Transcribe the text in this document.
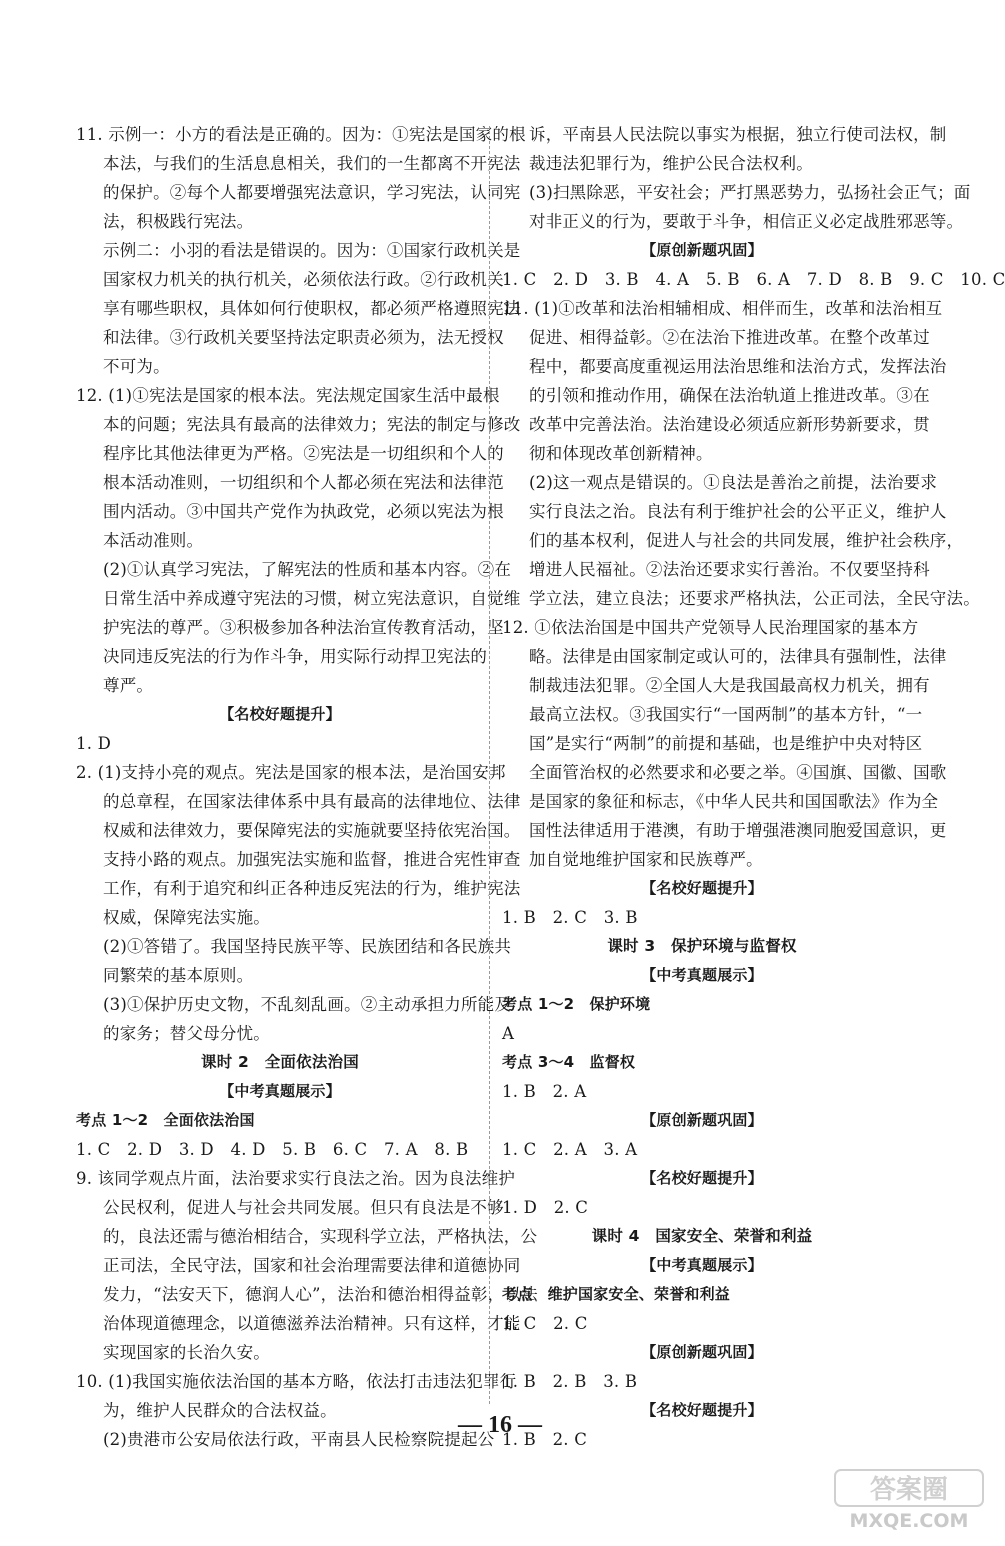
11. 示例一：小方的看法是正确的。因为：①宪法是国家的根
本法，与我们的生活息息相关，我们的一生都离不开宪法
的保护。②每个人都要增强宪法意识，学习宪法，认同宪
法，积极践行宪法。
示例二：小羽的看法是错误的。因为：①国家行政机关是
国家权力机关的执行机关，必须依法行政。②行政机关
享有哪些职权，具体如何行使职权，都必须严格遵照宪法
和法律。③行政机关要坚持法定职责必须为，法无授权
不可为。
12. (1)①宪法是国家的根本法。宪法规定国家生活中最根
本的问题；宪法具有最高的法律效力；宪法的制定与修改
程序比其他法律更为严格。②宪法是一切组织和个人的
根本活动准则，一切组织和个人都必须在宪法和法律范
围内活动。③中国共产党作为执政党，必须以宪法为根
本活动准则。
(2)①认真学习宪法，了解宪法的性质和基本内容。②在
日常生活中养成遵守宪法的习惯，树立宪法意识，自觉维
护宪法的尊严。③积极参加各种法治宣传教育活动，坚
决同违反宪法的行为作斗争，用实际行动捍卫宪法的
尊严。
【名校好题提升】
1. D
2. (1)支持小亮的观点。宪法是国家的根本法，是治国安邦
的总章程，在国家法律体系中具有最高的法律地位、法律
权威和法律效力，要保障宪法的实施就要坚持依宪治国。
支持小路的观点。加强宪法实施和监督，推进合宪性审查
工作，有利于追究和纠正各种违反宪法的行为，维护宪法
权威，保障宪法实施。
(2)①答错了。我国坚持民族平等、民族团结和各民族共
同繁荣的基本原则。
(3)①保护历史文物，不乱刻乱画。②主动承担力所能及
的家务；替父母分忧。
课时 2　全面依法治国
【中考真题展示】
考点 1～2　全面依法治国
1. C　2. D　3. D　4. D　5. B　6. C　7. A　8. B
9. 该同学观点片面，法治要求实行良法之治。因为良法维护
公民权利，促进人与社会共同发展。但只有良法是不够
的，良法还需与德治相结合，实现科学立法，严格执法，公
正司法，全民守法，国家和社会治理需要法律和道德协同
发力，“法安天下，德润人心”，法治和德治相得益彰，以法
治体现道德理念，以道德滋养法治精神。只有这样，才能
实现国家的长治久安。
10. (1)我国实施依法治国的基本方略，依法打击违法犯罪行
为，维护人民群众的合法权益。
(2)贵港市公安局依法行政，平南县人民检察院提起公
诉，平南县人民法院以事实为根据，独立行使司法权，制
裁违法犯罪行为，维护公民合法权利。
(3)扫黑除恶，平安社会；严打黑恶势力，弘扬社会正气；面
对非正义的行为，要敢于斗争，相信正义必定战胜邪恶等。
【原创新题巩固】
1. C　2. D　3. B　4. A　5. B　6. A　7. D　8. B　9. C　10. C
11. (1)①改革和法治相辅相成、相伴而生，改革和法治相互
促进、相得益彰。②在法治下推进改革。在整个改革过
程中，都要高度重视运用法治思维和法治方式，发挥法治
的引领和推动作用，确保在法治轨道上推进改革。③在
改革中完善法治。法治建设必须适应新形势新要求，贯
彻和体现改革创新精神。
(2)这一观点是错误的。①良法是善治之前提，法治要求
实行良法之治。良法有利于维护社会的公平正义，维护人
们的基本权利，促进人与社会的共同发展，维护社会秩序，
增进人民福祉。②法治还要求实行善治。不仅要坚持科
学立法，建立良法；还要求严格执法，公正司法，全民守法。
12. ①依法治国是中国共产党领导人民治理国家的基本方
略。法律是由国家制定或认可的，法律具有强制性，法律
制裁违法犯罪。②全国人大是我国最高权力机关，拥有
最高立法权。③我国实行“一国两制”的基本方针，“一
国”是实行“两制”的前提和基础，也是维护中央对特区
全面管治权的必然要求和必要之举。④国旗、国徽、国歌
是国家的象征和标志，《中华人民共和国国歌法》作为全
国性法律适用于港澳，有助于增强港澳同胞爱国意识，更
加自觉地维护国家和民族尊严。
【名校好题提升】
1. B　2. C　3. B
课时 3　保护环境与监督权
【中考真题展示】
考点 1～2　保护环境
A
考点 3～4　监督权
1. B　2. A
【原创新题巩固】
1. C　2. A　3. A
【名校好题提升】
1. D　2. C
课时 4　国家安全、荣誉和利益
【中考真题展示】
考点　维护国家安全、荣誉和利益
1. C　2. C
【原创新题巩固】
1. B　2. B　3. B
【名校好题提升】
1. B　2. C
— 16 —
答案圈
MXQE.COM
